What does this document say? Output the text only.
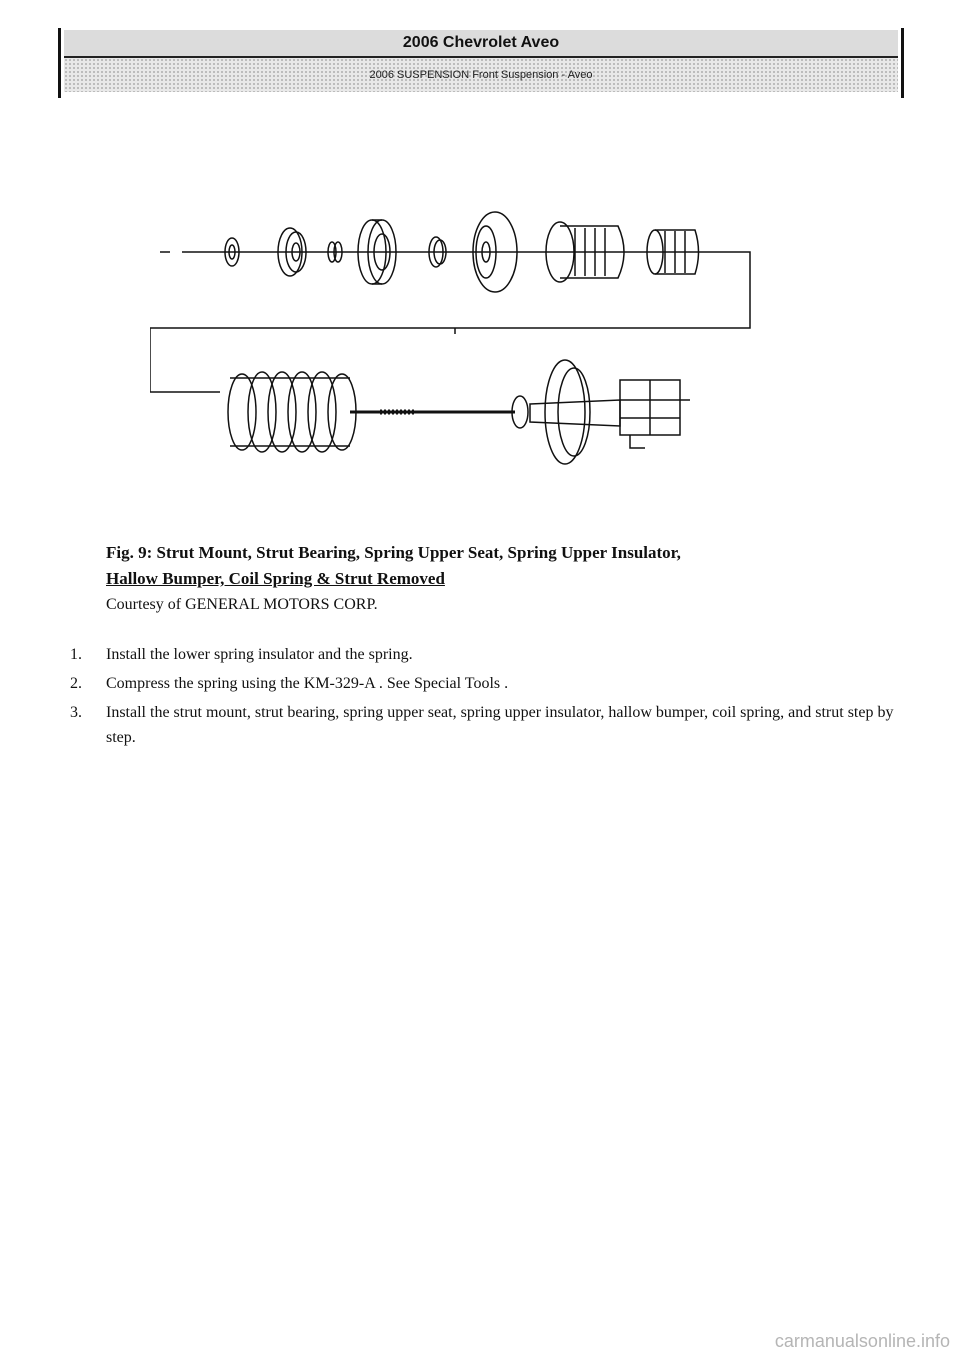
2006 Chevrolet Aveo
2006 SUSPENSION Front Suspension - Aveo
Fig. 9: Strut Mount, Strut Bearing, Spring Upper Seat, Spring Upper Insulator,
Hallow Bumper, Coil Spring & Strut Removed
Courtesy of GENERAL MOTORS CORP.
1.	Install the lower spring insulator and the spring.
2.	Compress the spring using the KM-329-A . See Special Tools .
3.	Install the strut mount, strut bearing, spring upper seat, spring upper insulator, hallow bumper, coil spring, and strut step by step.
carmanualsonline.info
